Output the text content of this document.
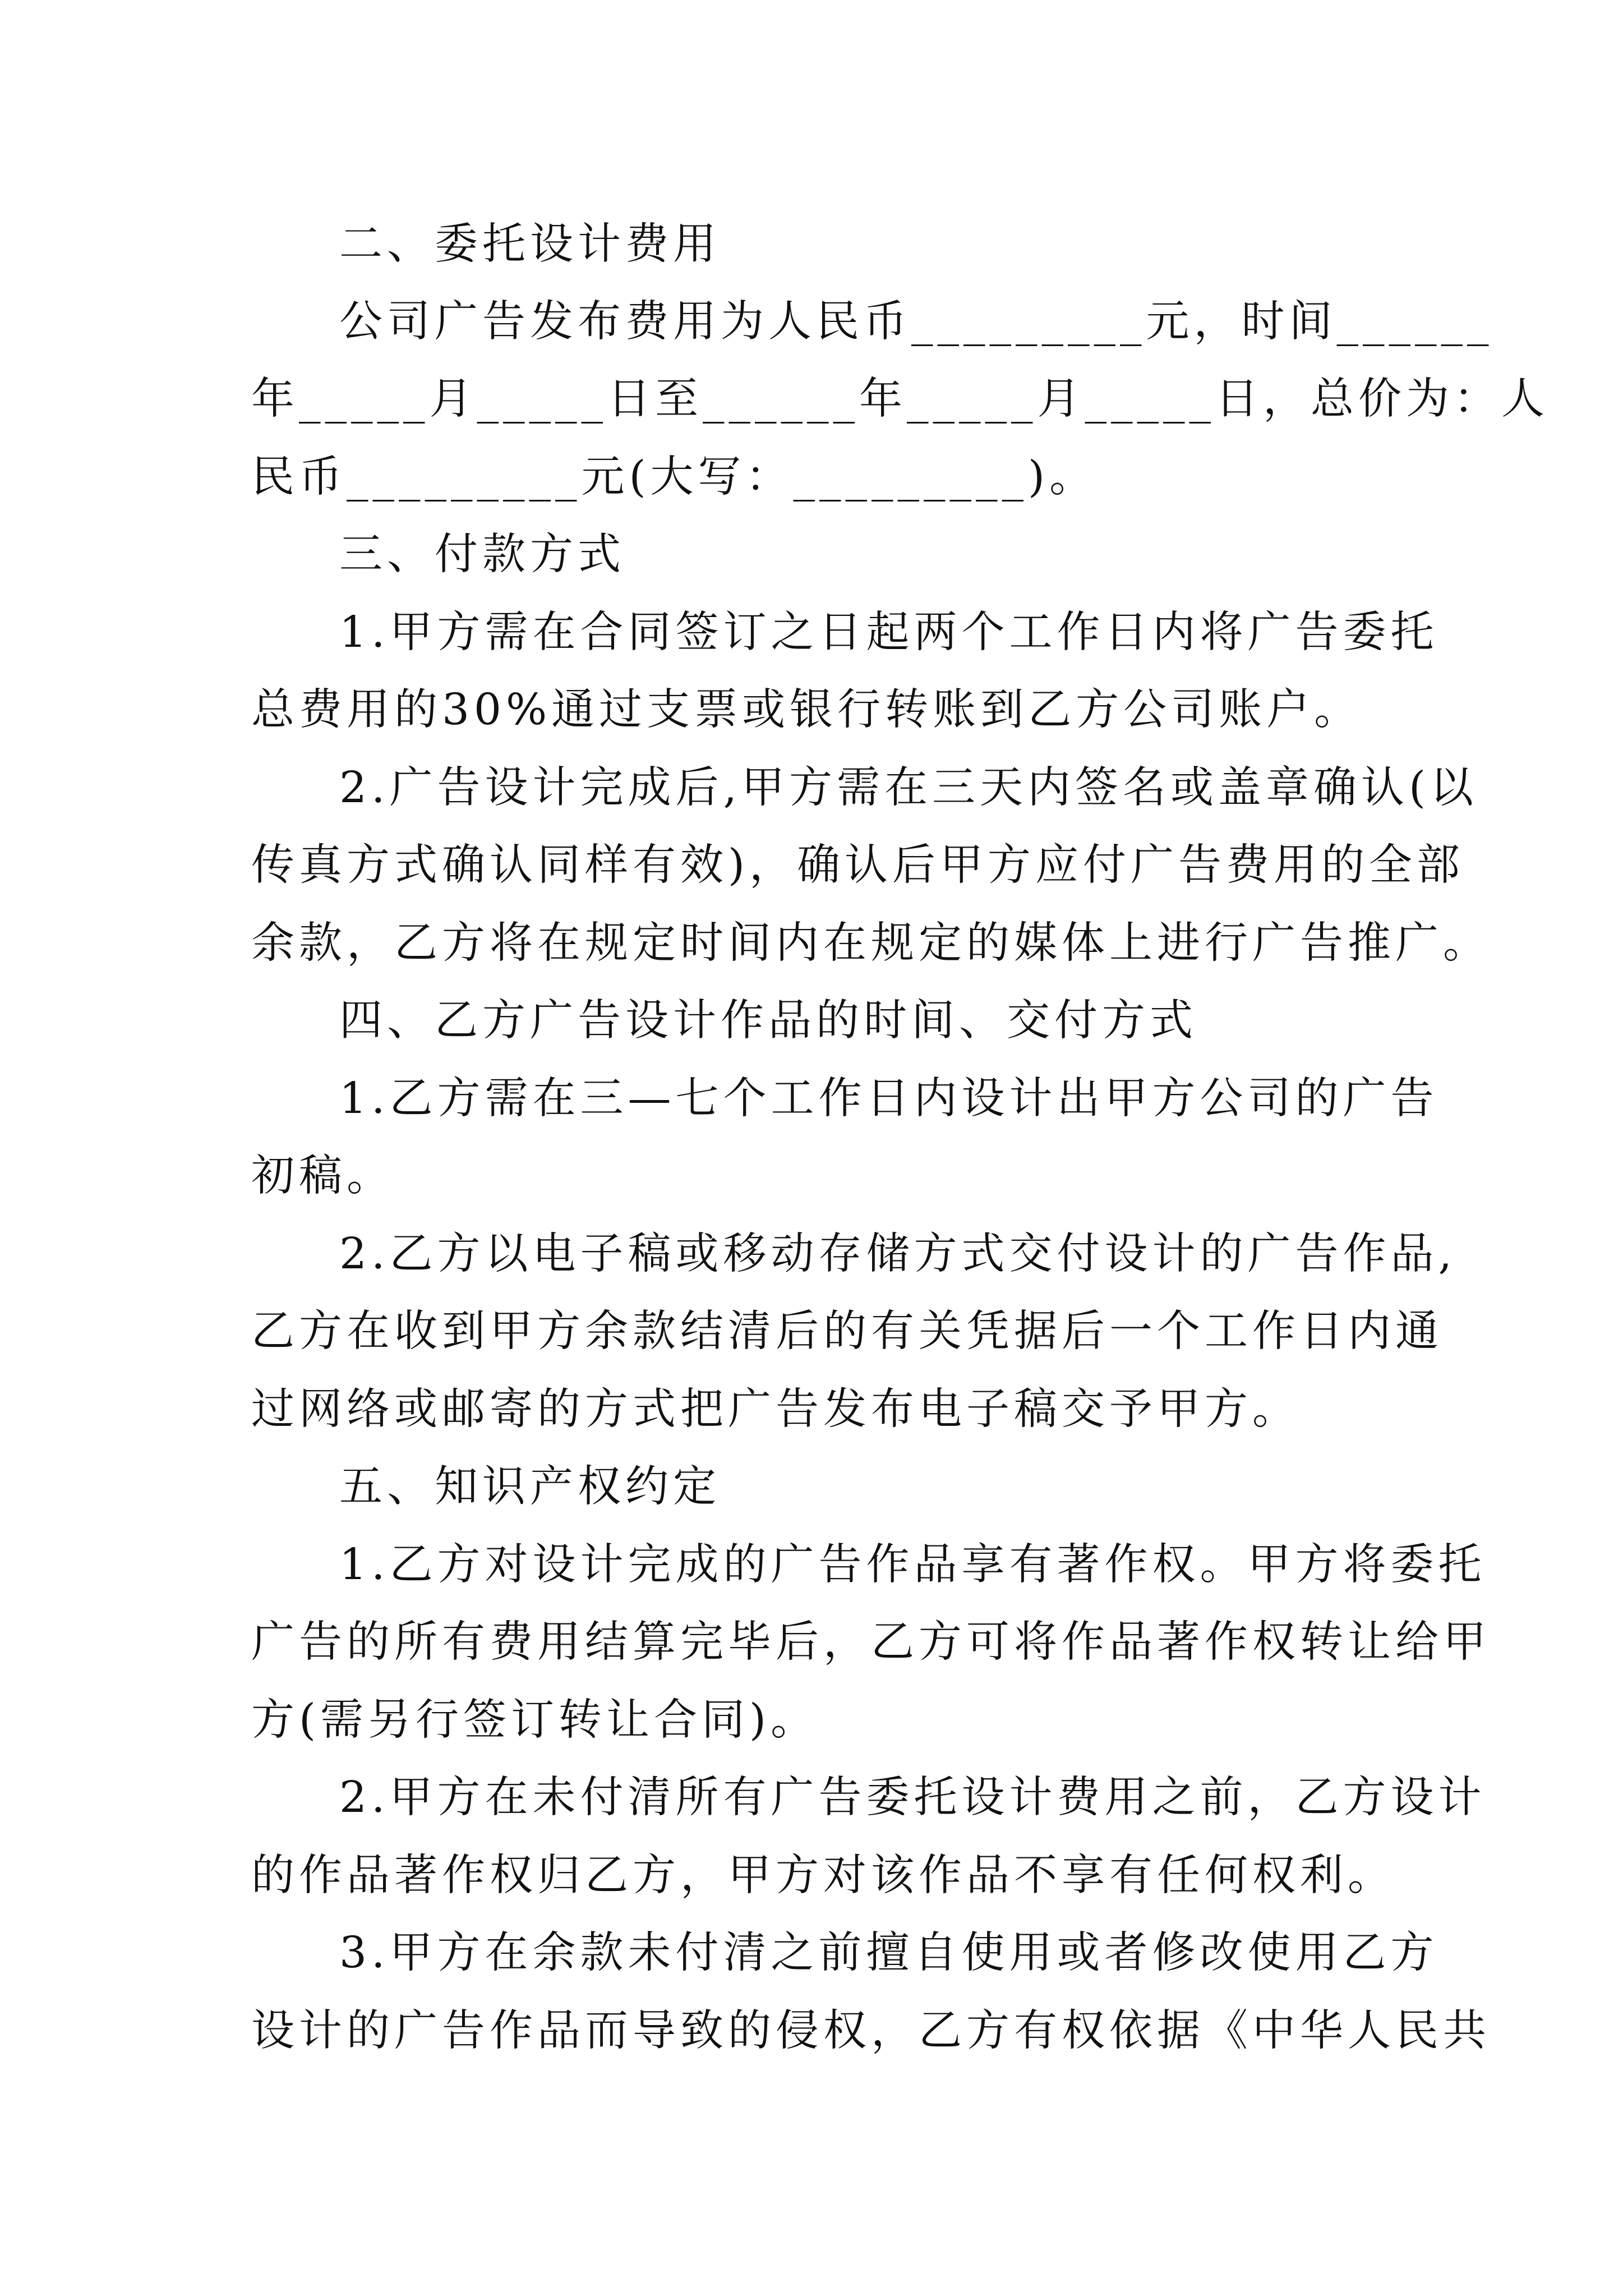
二、委托设计费用
公司广告发布费用为人民币_________元，时间______
年_____月_____日至______年_____月_____日，总价为：人
民币_________元(大写：_________)。
三、付款方式
1.甲方需在合同签订之日起两个工作日内将广告委托
总费用的30%通过支票或银行转账到乙方公司账户。
2.广告设计完成后,甲方需在三天内签名或盖章确认(以
传真方式确认同样有效)，确认后甲方应付广告费用的全部
余款，乙方将在规定时间内在规定的媒体上进行广告推广。
四、乙方广告设计作品的时间、交付方式
1.乙方需在三—七个工作日内设计出甲方公司的广告
初稿。
2.乙方以电子稿或移动存储方式交付设计的广告作品,
乙方在收到甲方余款结清后的有关凭据后一个工作日内通
过网络或邮寄的方式把广告发布电子稿交予甲方。
五、知识产权约定
1.乙方对设计完成的广告作品享有著作权。甲方将委托
广告的所有费用结算完毕后，乙方可将作品著作权转让给甲
方(需另行签订转让合同)。
2.甲方在未付清所有广告委托设计费用之前，乙方设计
的作品著作权归乙方，甲方对该作品不享有任何权利。
3.甲方在余款未付清之前擅自使用或者修改使用乙方
设计的广告作品而导致的侵权，乙方有权依据《中华人民共
